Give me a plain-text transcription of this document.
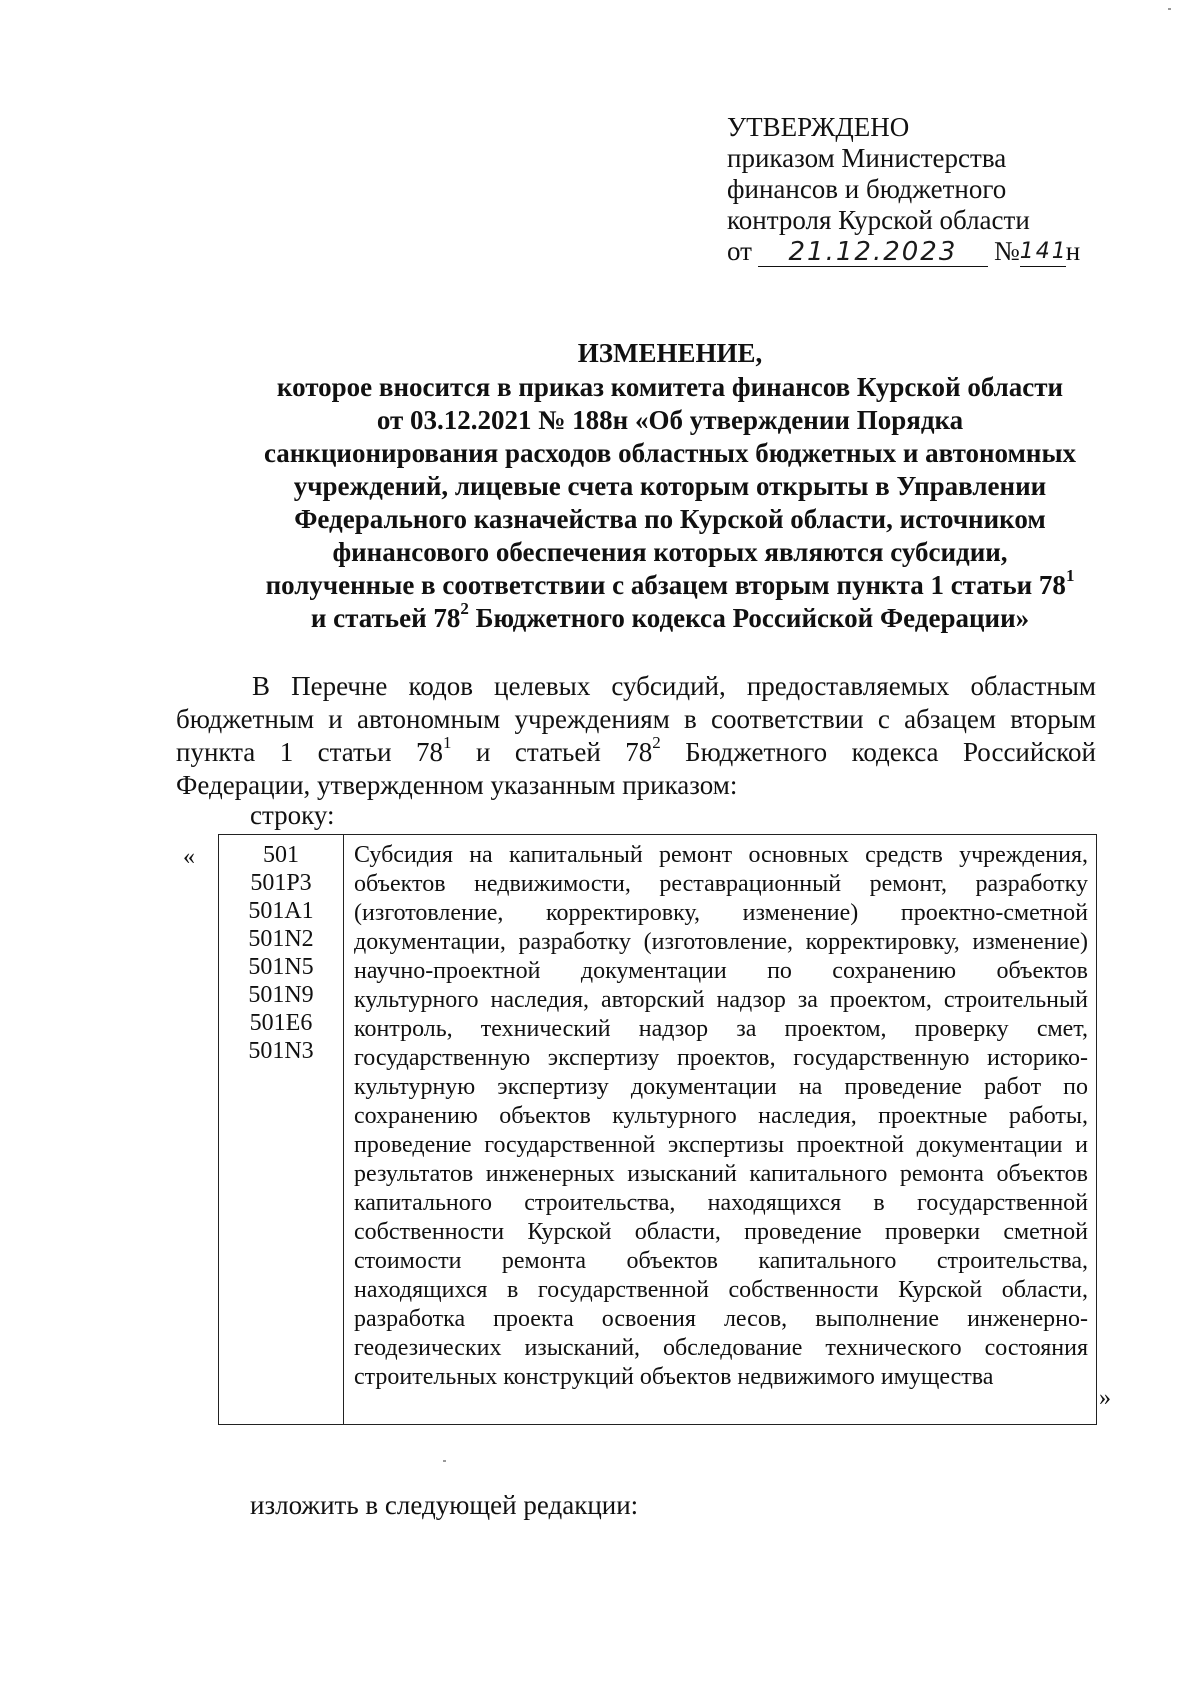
УТВЕРЖДЕНО
приказом Министерства
финансов и бюджетного
контроля Курской области
от	21.12.2023	№ 141
н
ИЗМЕНЕНИЕ,
которое вносится в приказ комитета финансов Курской области
от 03.12.2021 № 188н «Об утверждении Порядка
санкционирования расходов областных бюджетных и автономных
учреждений, лицевые счета которым открыты в Управлении
Федерального казначейства по Курской области, источником
финансового обеспечения которых являются субсидии,
полученные в соответствии с абзацем вторым пункта 1 статьи $78^1$
и статьей $78^2$ Бюджетного кодекса Российской Федерации»
В Перечне кодов целевых субсидий, предоставляемых областным
бюджетным и автономным учреждениям в соответствии с абзацем вторым
пункта 1 статьи $78^1$ и статьей $78^2$ Бюджетного кодекса Российской
Федерации, утвержденном указанным приказом:
строку:
«
»
501
501P3
501A1
501N2
501N5
501N9
501E6
501N3
Субсидия на капитальный ремонт основных средств учреждения,
объектов недвижимости, реставрационный ремонт, разработку
(изготовление, корректировку, изменение) проектно-сметной
документации, разработку (изготовление, корректировку, изменение)
научно-проектной документации по сохранению объектов
культурного наследия, авторский надзор за проектом, строительный
контроль, технический надзор за проектом, проверку смет,
государственную экспертизу проектов, государственную историко-
культурную экспертизу документации на проведение работ по
сохранению объектов культурного наследия, проектные работы,
проведение государственной экспертизы проектной документации и
результатов инженерных изысканий капитального ремонта объектов
капитального строительства, находящихся в государственной
собственности Курской области, проведение проверки сметной
стоимости ремонта объектов капитального строительства,
находящихся в государственной собственности Курской области,
разработка проекта освоения лесов, выполнение инженерно-
геодезических изысканий, обследование технического состояния
строительных конструкций объектов недвижимого имущества
изложить в следующей редакции:
